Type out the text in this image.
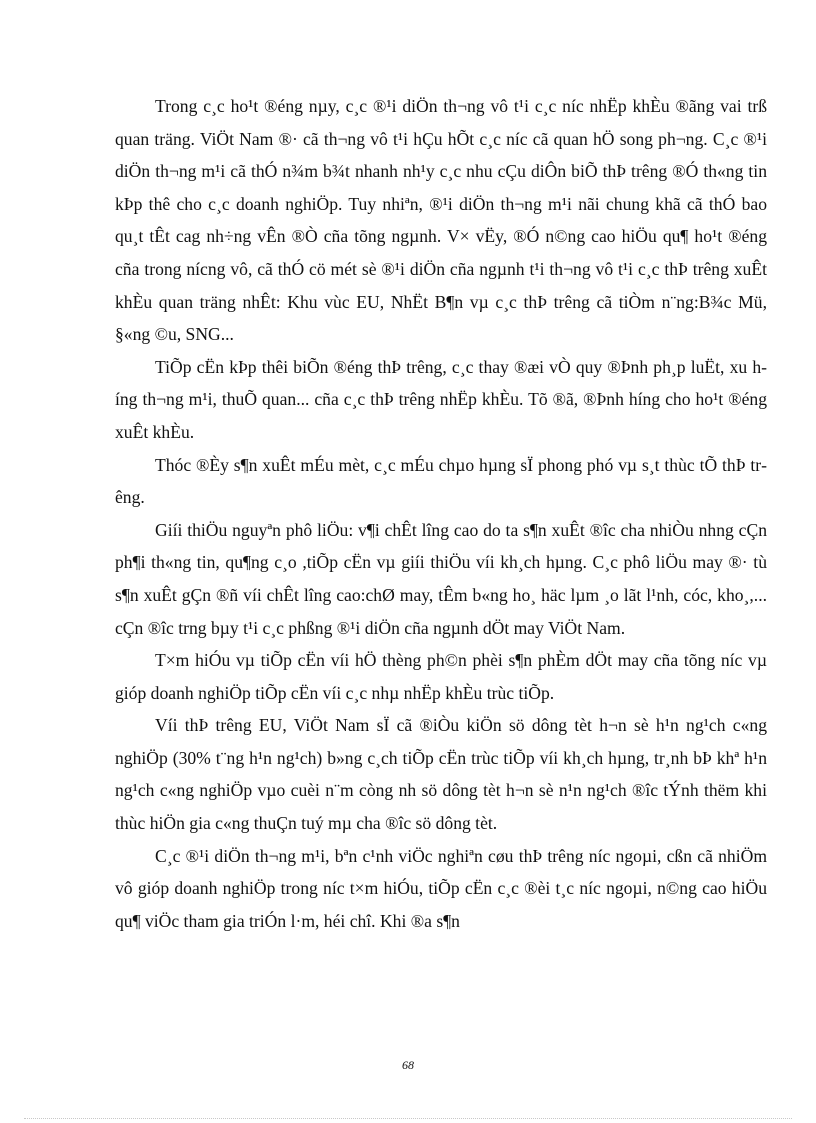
Trong c¸c ho¹t ®éng nµy, c¸c ®¹i diÖn th¬ng vô t¹i c¸c níc nhËp khÈu ®ãng vai trß quan träng. ViÖt Nam ®· cã th¬ng vô t¹i hÇu hÕt c¸c níc cã quan hÖ song ph¬ng. C¸c ®¹i diÖn th¬ng m¹i cã thÓ n¾m b¾t nhanh nh¹y c¸c nhu cÇu diÔn biÕ thÞ trêng ®Ó th«ng tin kÞp thê cho c¸c doanh nghiÖp. Tuy nhiªn, ®¹i diÖn th¬ng m¹i nãi chung khã cã thÓ bao qu¸t tÊt cag nh÷ng vÊn ®Ò cña tõng ngµnh. V× vËy, ®Ó n©ng cao hiÖu qu¶ ho¹t ®éng cña trong nícng vô, cã thÓ cö mét sè ®¹i diÖn cña ngµnh t¹i th¬ng vô t¹i c¸c thÞ trêng xuÊt khÈu quan träng nhÊt: Khu vùc EU, NhËt B¶n vµ c¸c thÞ trêng cã tiÒm n¨ng:B¾c Mü, §«ng ©u, SNG...

TiÕp cËn kÞp thêi biÕn ®éng thÞ trêng, c¸c thay ®æi vÒ quy ®Þnh ph¸p luËt, xu híng th¬ng m¹i, thuÕ quan... cña c¸c thÞ trêng nhËp khÈu. Tõ ®ã, ®Þnh híng cho ho¹t ®éng xuÊt khÈu.

Thóc ®Èy s¶n xuÊt mÉu mèt, c¸c mÉu chµo hµng sÏ phong phó vµ s¸t thùc tÕ thÞ trêng.

Giíi thiÖu nguyªn phô liÖu: v¶i chÊt lîng cao do ta s¶n xuÊt ®îc cha nhiÒu nhng cÇn ph¶i th«ng tin, qu¶ng c¸o ,tiÕp cËn vµ giíi thiÖu víi kh¸ch hµng. C¸c phô liÖu may ®· tù s¶n xuÊt gÇn ®ñ víi chÊt lîng cao:chØ may, tÊm b«ng ho¸ häc lµm ¸o lãt l¹nh, cóc, kho¸,... cÇn ®îc trng bµy t¹i c¸c phßng ®¹i diÖn cña ngµnh dÖt may ViÖt Nam.

T×m hiÓu vµ tiÕp cËn víi hÖ thèng ph©n phèi s¶n phÈm dÖt may cña tõng níc vµ gióp doanh nghiÖp tiÕp cËn víi c¸c nhµ nhËp khÈu trùc tiÕp.

Víi thÞ trêng EU, ViÖt Nam sÏ cã ®iÒu kiÖn sö dông tèt h¬n sè h¹n ng¹ch c«ng nghiÖp (30% t¨ng h¹n ng¹ch) b»ng c¸ch tiÕp cËn trùc tiÕp víi kh¸ch hµng, tr¸nh bÞ khª h¹n ng¹ch c«ng nghiÖp vµo cuèi n¨m còng nh sö dông tèt h¬n sè n¹n ng¹ch ®îc tÝnh thëm khi thùc hiÖn gia c«ng thuÇn tuý mµ cha ®îc sö dông tèt.

C¸c ®¹i diÖn th¬ng m¹i, bªn c¹nh viÖc nghiªn cøu thÞ trêng níc ngoµi, cßn cã nhiÖm vô gióp doanh nghiÖp trong níc t×m hiÓu, tiÕp cËn c¸c ®èi t¸c níc ngoµi, n©ng cao hiÖu qu¶ viÖc tham gia triÓn l·m, héi chî. Khi ®a s¶n

68
